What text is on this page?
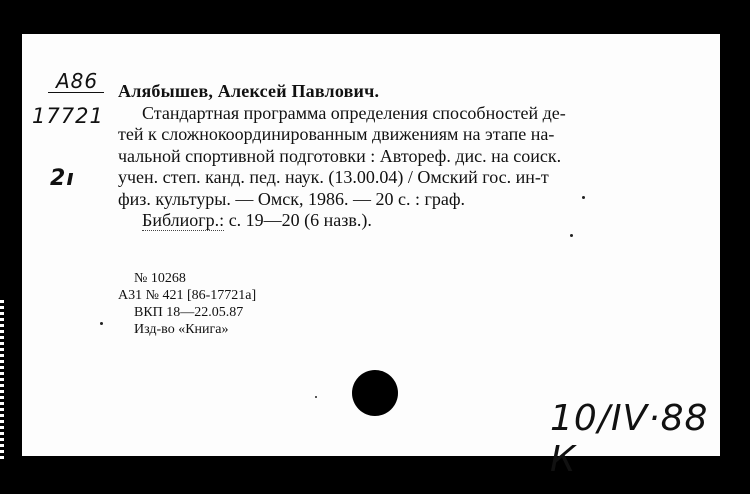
A86
17721
2ı
Алябышев, Алексей Павлович.
Стандартная программа определения способностей де-
тей к сложнокоординированным движениям на этапе на-
чальной спортивной подготовки : Автореф. дис. на соиск.
учен. степ. канд. пед. наук. (13.00.04) / Омский гос. ин-т
физ. культуры. — Омск, 1986. — 20 с. : граф.
Библиогр.: с. 19—20 (6 назв.).
№ 10268
А31 № 421 [86-17721а]
ВКП 18—22.05.87
Изд-во «Книга»
10/IV·88 К
